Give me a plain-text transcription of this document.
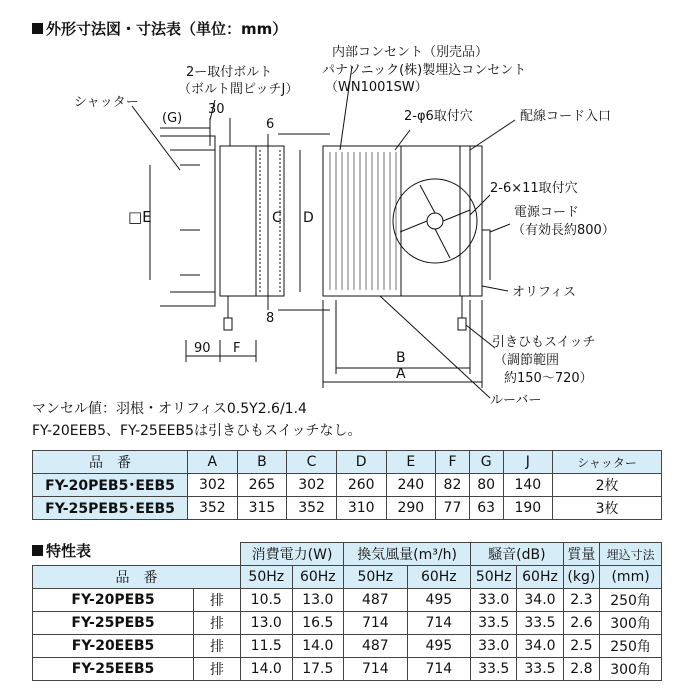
外形寸法図・寸法表（単位：mm）
2ー取付ボルト
（ボルト間ピッチJ）
30
シャッター
(G)
□E	C D
6
8
90 F
B
A
内部コンセント（別売品）
パナソニック(株)製埋込コンセント
（WN1001SW）
2-φ6取付穴	配線コード入口
2-6×11取付穴
電源コード
（有効長約800）
オリフィス
引きひもスイッチ
（調節範囲
約150〜720）
ルーバー
マンセル値：羽根・オリフィス0.5Y2.6/1.4
FY-20EEB5、FY-25EEB5は引きひもスイッチなし。
品　番	A	B	C	D	E	F	G	J	シャッター
FY-20PEB5･EEB5	302	265	302	260	240	82	80	140	2枚
FY-25PEB5･EEB5	352	315	352	310	290	77	63	190	3枚
特性表
		消費電力(W)		換気風量(m³/h)		騒音(dB)		質量	埋込寸法
品　番		50Hz	60Hz	50Hz	60Hz	50Hz	60Hz	(kg)	(mm)
FY-20PEB5	排	10.5	13.0	487	495	33.0	34.0	2.3	250角
FY-25PEB5	排	13.0	16.5	714	714	33.5	33.5	2.6	300角
FY-20EEB5	排	11.5	14.0	487	495	33.0	34.0	2.5	250角
FY-25EEB5	排	14.0	17.5	714	714	33.5	33.5	2.8	300角
